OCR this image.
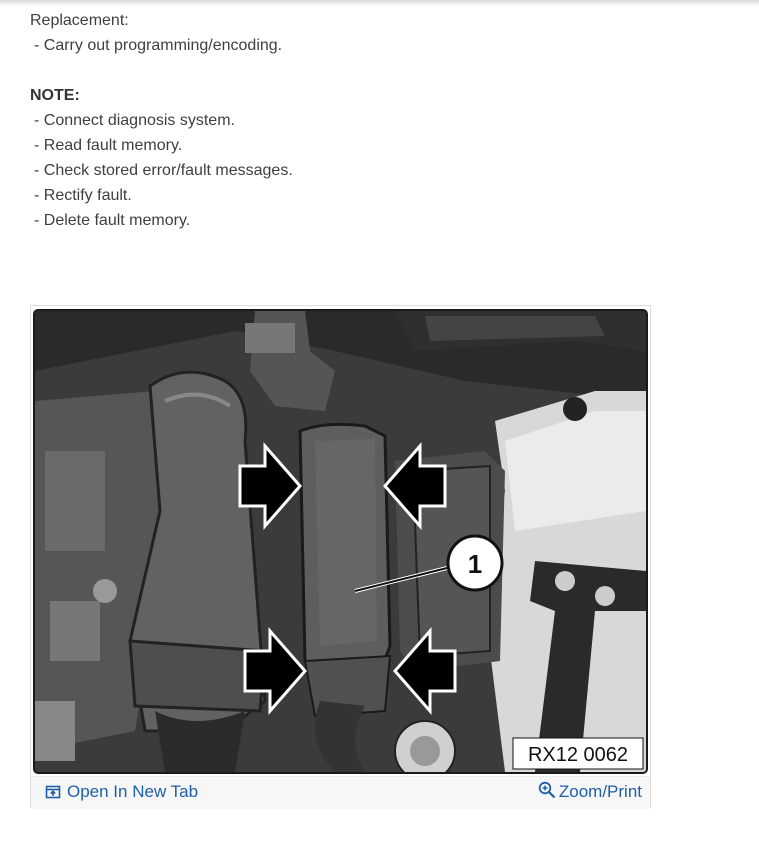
Replacement:

- Carry out programming/encoding.

NOTE:

- Connect diagnosis system.

- Read fault memory.

- Check stored error/fault messages.

- Rectify fault.

- Delete fault memory.

1
RX12 0062
Open In New Tab	Zoom/Print
